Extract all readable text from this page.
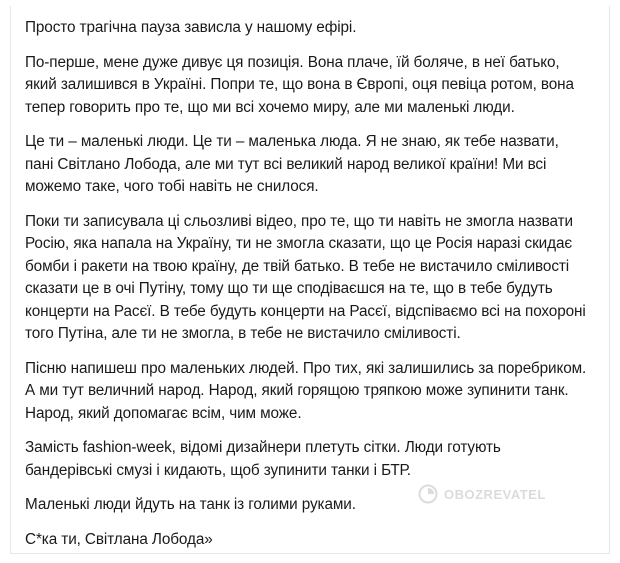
Просто трагічна пауза зависла у нашому ефірі.

По-перше, мене дуже дивує ця позиція. Вона плаче, їй боляче, в неї батько, який залишився в Україні. Попри те, що вона в Європі, оця певіца ротом, вона тепер говорить про те, що ми всі хочемо миру, але ми маленькі люди.

Це ти – маленькі люди. Це ти – маленька люда. Я не знаю, як тебе назвати, пані Світлано Лобода, але ми тут всі великий народ великої країни! Ми всі можемо таке, чого тобі навіть не снилося.

Поки ти записувала ці сльозливі відео, про те, що ти навіть не змогла назвати Росію, яка напала на Україну, ти не змогла сказати, що це Росія наразі скидає бомби і ракети на твою країну, де твій батько. В тебе не вистачило сміливості сказати це в очі Путіну, тому що ти ще сподіваєшся на те, що в тебе будуть концерти на Расєї. В тебе будуть концерти на Расєї, відспіваємо всі на похороні того Путіна, але ти не змогла, в тебе не вистачило сміливості.

Пісню напишеш про маленьких людей. Про тих, які залишились за поребриком. А ми тут величний народ. Народ, який горящою тряпкою може зупинити танк. Народ, який допомагає всім, чим може.

Замість fashion-week, відомі дизайнери плетуть сітки. Люди готують бандерівські смузі і кидають, щоб зупинити танки і БТР.

Маленькі люди йдуть на танк із голими руками.

С*ка ти, Світлана Лобода»

OBOZREVATEL
